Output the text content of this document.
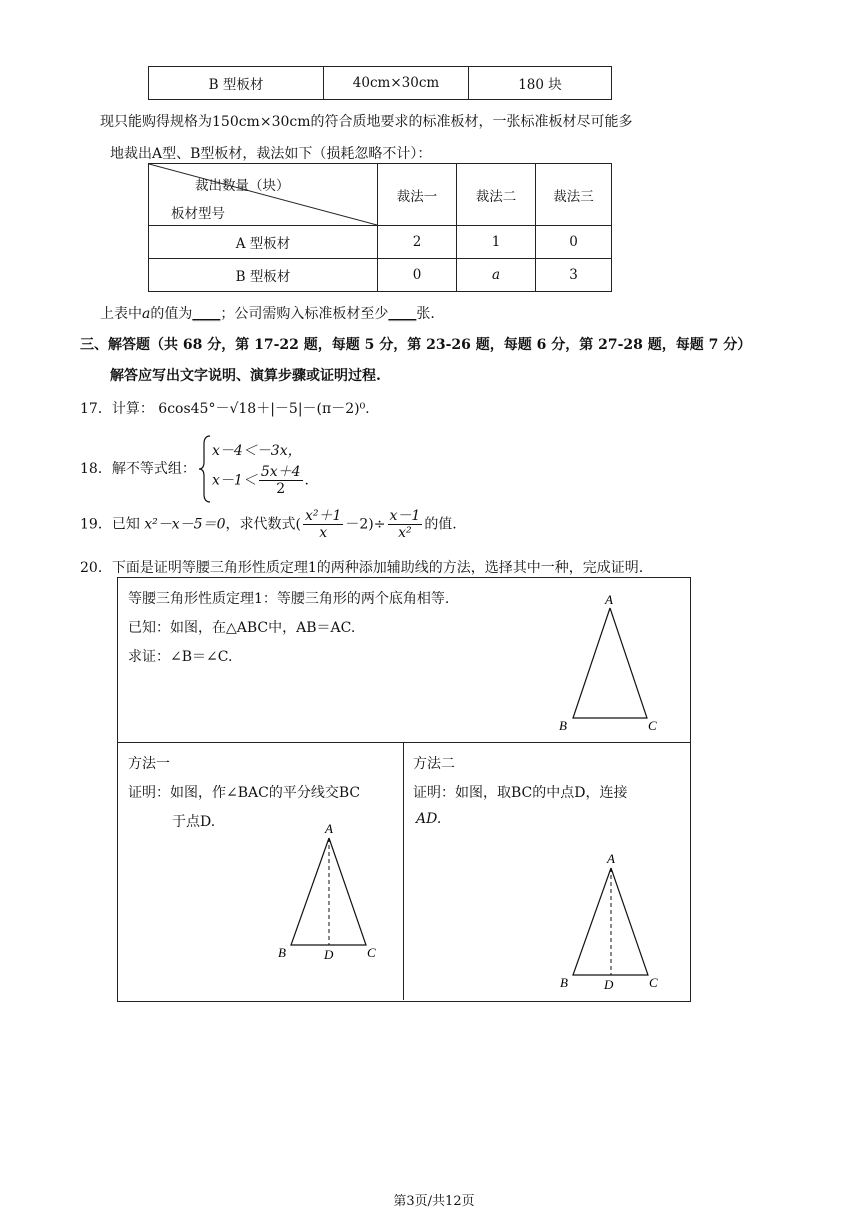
B 型板材	40cm×30cm	180 块
现只能购得规格为150cm×30cm的符合质地要求的标准板材，一张标准板材尽可能多
地裁出A型、B型板材，裁法如下（损耗忽略不计）：
裁出数量（块）
板材型号	裁法一	裁法二	裁法三
A 型板材	2	1	0
B 型板材	0	a	3
上表中a的值为____；公司需购入标准板材至少____张.
三、解答题（共 68 分，第 17-22 题，每题 5 分，第 23-26 题，每题 6 分，第 27-28 题，每题 7 分）
解答应写出文字说明、演算步骤或证明过程.
17．计算： 6cos45°－√18＋|－5|－(π－2)⁰.
18．解不等式组：
x－4＜－3x，
$x-1< \frac{5x+4}{2}$ .
19．已知 x²－x－5＝0，求代数式( $\frac{\text{x²＋1}}{x} -2)\div \frac{x-1}{\text{x²}}$ 的值.
20．下面是证明等腰三角形性质定理1的两种添加辅助线的方法，选择其中一种，完成证明.
等腰三角形性质定理1：等腰三角形的两个底角相等.
已知：如图，在△ABC中，AB＝AC.
求证：∠B＝∠C.
A
B	C
方法一
证明：如图，作∠BAC的平分线交BC
于点D.	A
B	D	C
方法二
证明：如图，取BC的中点D，连接
AD.
A
B	D	C
第3页/共12页
